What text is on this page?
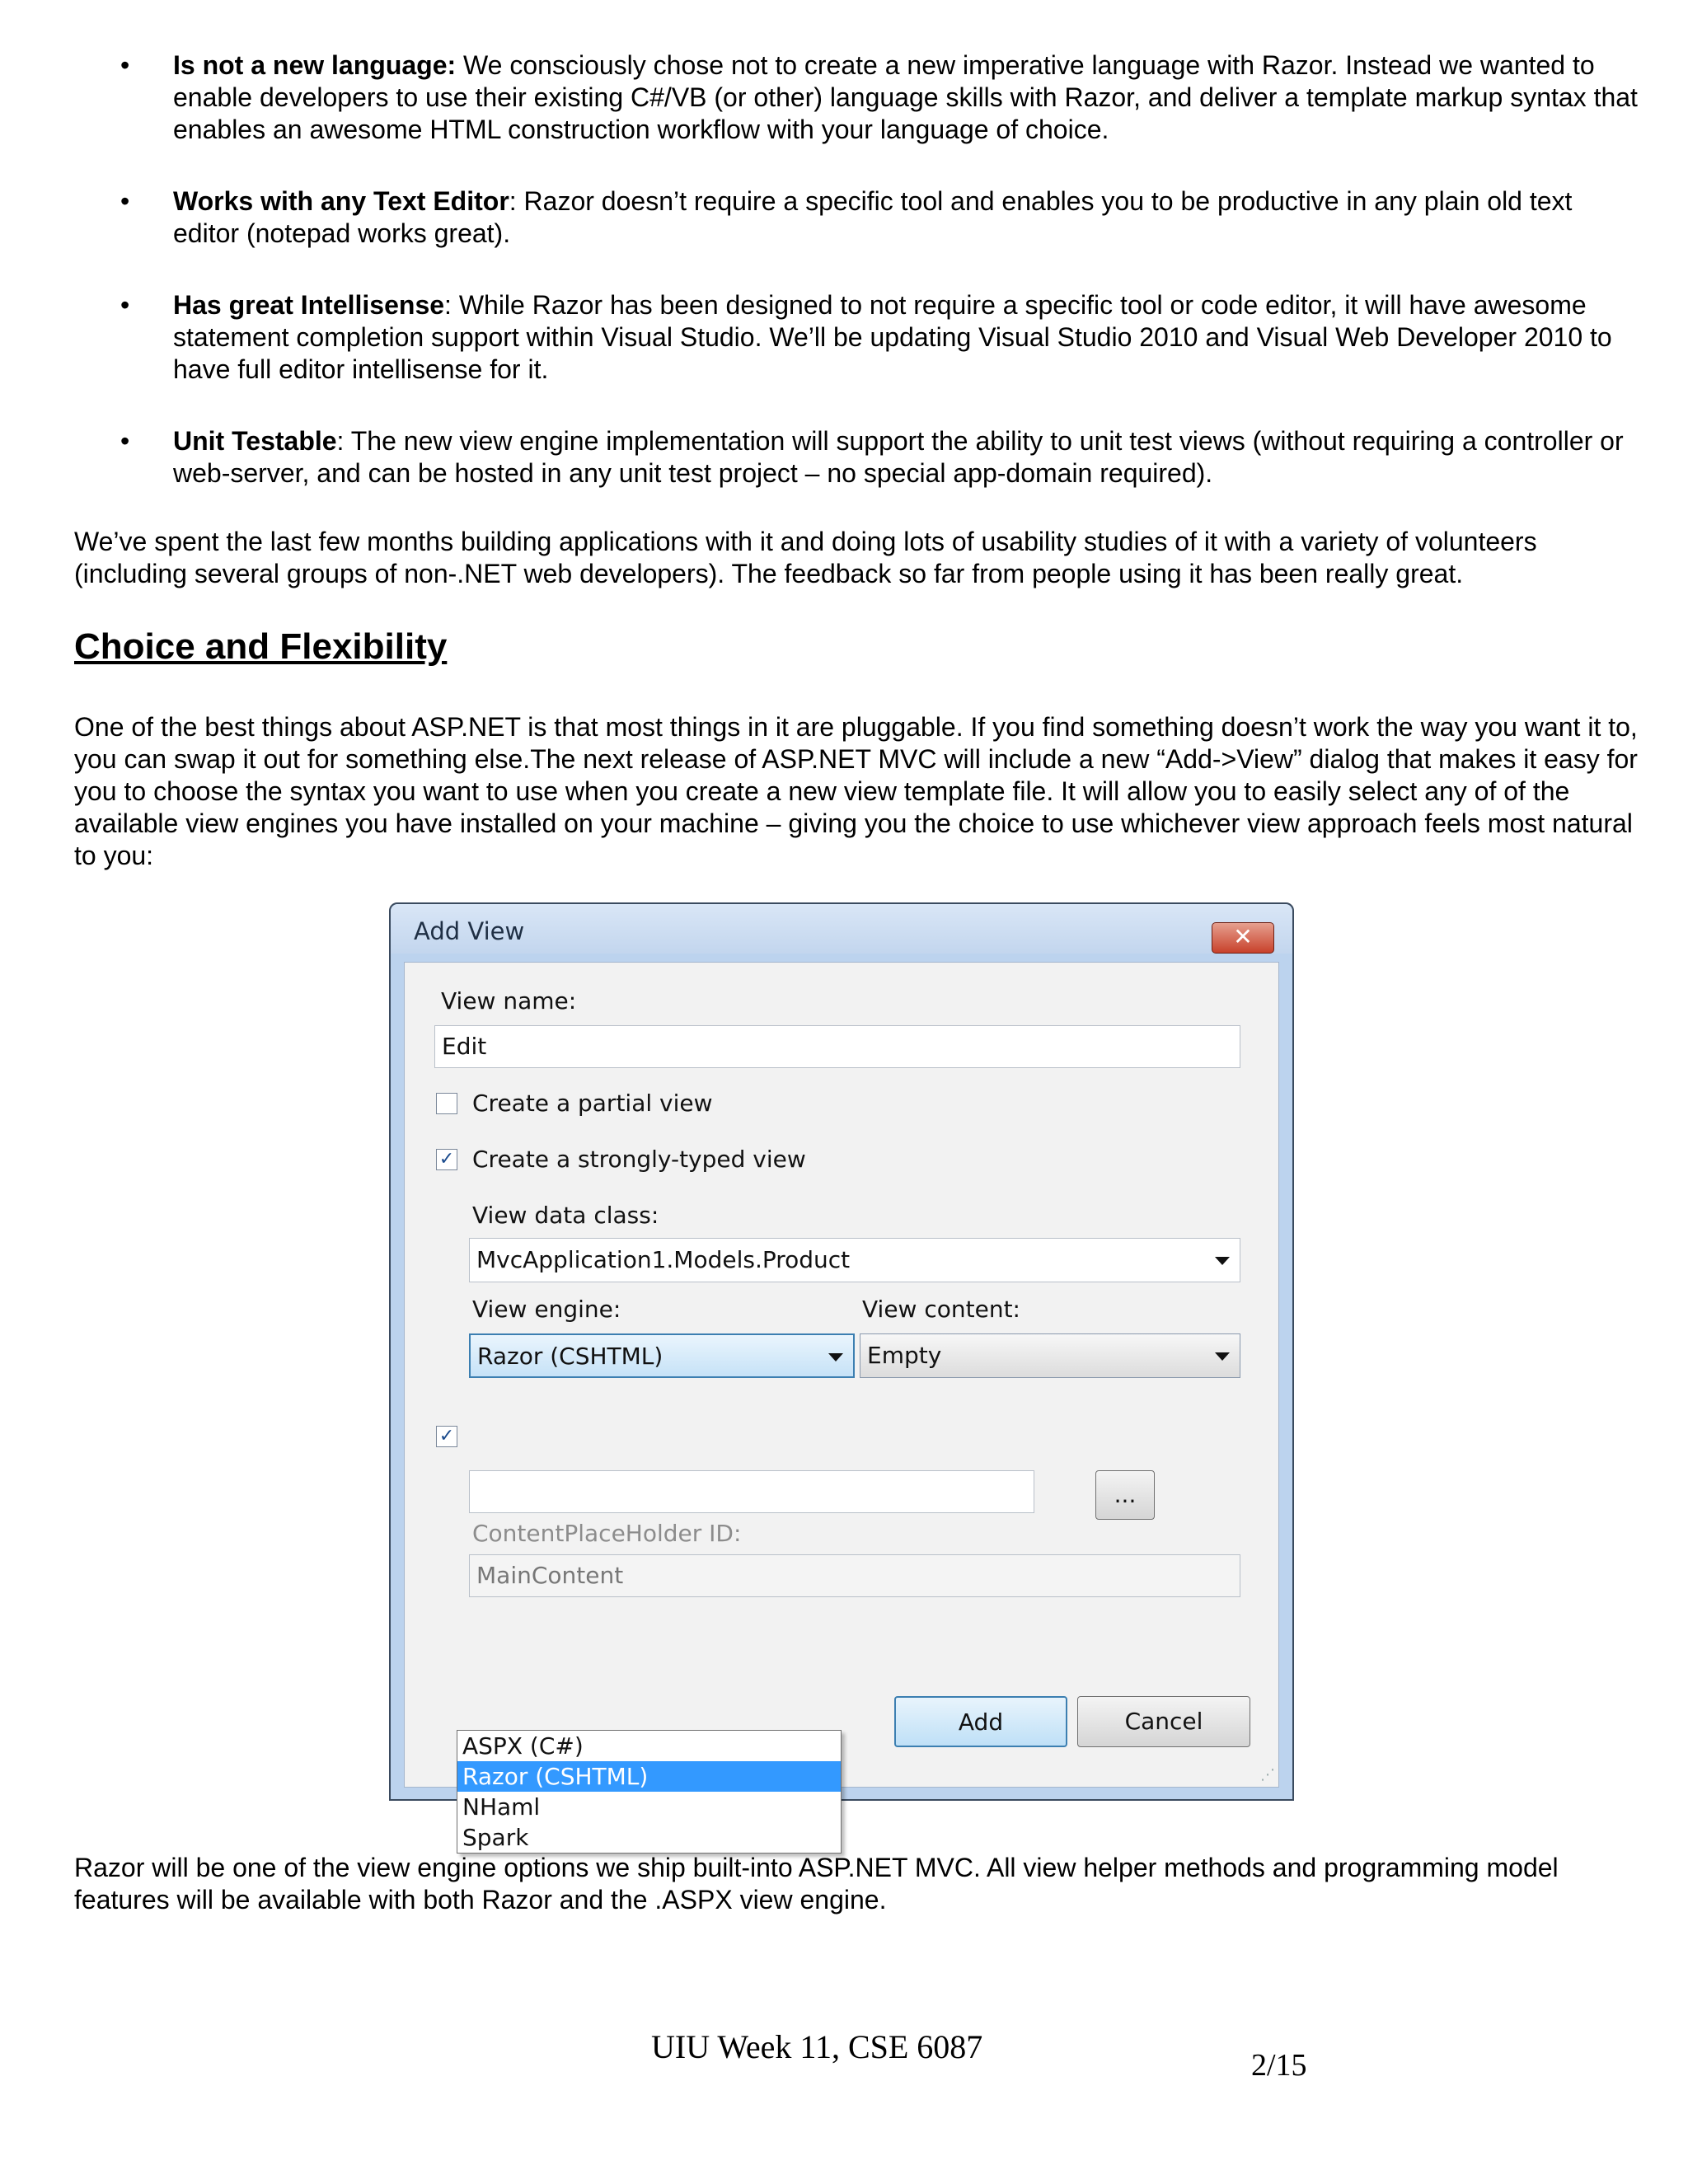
• Is not a new language: We consciously chose not to create a new imperative language with Razor. Instead we wanted to enable developers to use their existing C#/VB (or other) language skills with Razor, and deliver a template markup syntax that enables an awesome HTML construction workflow with your language of choice.
• Works with any Text Editor: Razor doesn’t require a specific tool and enables you to be productive in any plain old text editor (notepad works great).
• Has great Intellisense: While Razor has been designed to not require a specific tool or code editor, it will have awesome statement completion support within Visual Studio. We’ll be updating Visual Studio 2010 and Visual Web Developer 2010 to have full editor intellisense for it.
• Unit Testable: The new view engine implementation will support the ability to unit test views (without requiring a controller or web-server, and can be hosted in any unit test project – no special app-domain required).

We’ve spent the last few months building applications with it and doing lots of usability studies of it with a variety of volunteers (including several groups of non-.NET web developers). The feedback so far from people using it has been really great.

Choice and Flexibility

One of the best things about ASP.NET is that most things in it are pluggable. If you find something doesn’t work the way you want it to, you can swap it out for something else.The next release of ASP.NET MVC will include a new “Add->View” dialog that makes it easy for you to choose the syntax you want to use when you create a new view template file. It will allow you to easily select any of of the available view engines you have installed on your machine – giving you the choice to use whichever view approach feels most natural to you:

Add View	✕
View name:
Edit
Create a partial view
✓ Create a strongly-typed view
View data class:
MvcApplication1.Models.Product
View engine:	View content:
Razor (CSHTML)	Empty
✓
...
ContentPlaceHolder ID:
MainContent
Add	Cancel
⋰
ASPX (C#)
Razor (CSHTML)
NHaml
Spark

Razor will be one of the view engine options we ship built-into ASP.NET MVC. All view helper methods and programming model features will be available with both Razor and the .ASPX view engine.

UIU Week 11, CSE 6087	2/15
